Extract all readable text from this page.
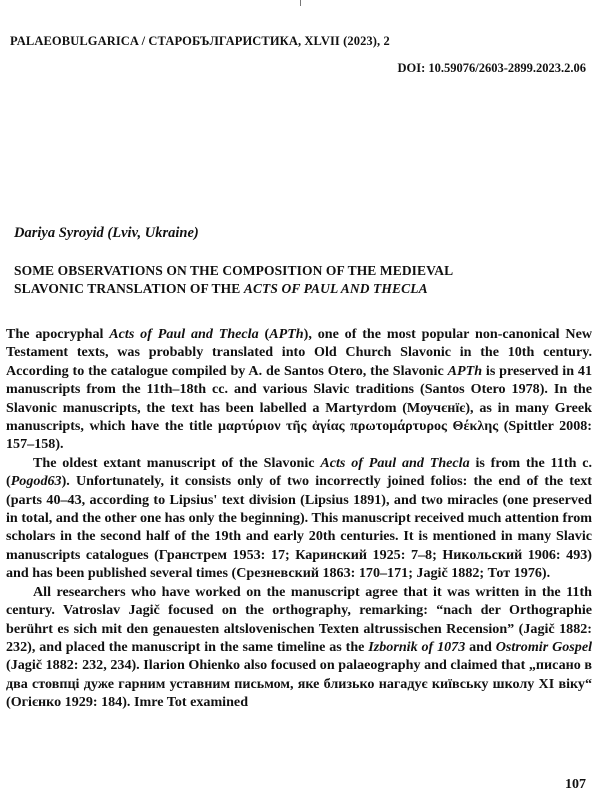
PALAEOBULGARICA / СТАРОБЪЛГАРИСТИКА, XLVII (2023), 2
DOI: 10.59076/2603-2899.2023.2.06
Dariya Syroyid (Lviv, Ukraine)
SOME OBSERVATIONS ON THE COMPOSITION OF THE MEDIEVAL
SLAVONIC TRANSLATION OF THE ACTS OF PAUL AND THECLA

The apocryphal Acts of Paul and Thecla (APTh), one of the most popular non-canonical New Testament texts, was probably translated into Old Church Slavonic in the 10th century. According to the catalogue compiled by A. de Santos Otero, the Slavonic APTh is preserved in 41 manuscripts from the 11th–18th cc. and various Slavic traditions (Santos Otero 1978). In the Slavonic manuscripts, the text has been labelled a Martyrdom (Мѹчєнїє), as in many Greek manuscripts, which have the title μαρτύριον τῆς ἁγίας πρωτομάρτυρος Θέκλης (Spittler 2008: 157–158).

The oldest extant manuscript of the Slavonic Acts of Paul and Thecla is from the 11th c. (Pogod63). Unfortunately, it consists only of two incorrectly joined folios: the end of the text (parts 40–43, according to Lipsius' text division (Lipsius 1891), and two miracles (one preserved in total, and the other one has only the beginning). This manuscript received much attention from scholars in the second half of the 19th and early 20th centuries. It is mentioned in many Slavic manuscripts catalogues (Гранстрем 1953: 17; Каринский 1925: 7–8; Никольский 1906: 493) and has been published several times (Срезневский 1863: 170–171; Jagič 1882; Тот 1976).

All researchers who have worked on the manuscript agree that it was written in the 11th century. Vatroslav Jagič focused on the orthography, remarking: “nach der Orthographie berührt es sich mit den genauesten altslovenischen Texten altrussischen Recension” (Jagič 1882: 232), and placed the manuscript in the same timeline as the Izbornik of 1073 and Ostromir Gospel (Jagič 1882: 232, 234). Ilarion Ohienko also focused on palaeography and claimed that „писано в два стовпці дуже гарним уставним письмом, яке близько нагадує київську школу XI віку“ (Огієнко 1929: 184). Imre Tot examined

107
